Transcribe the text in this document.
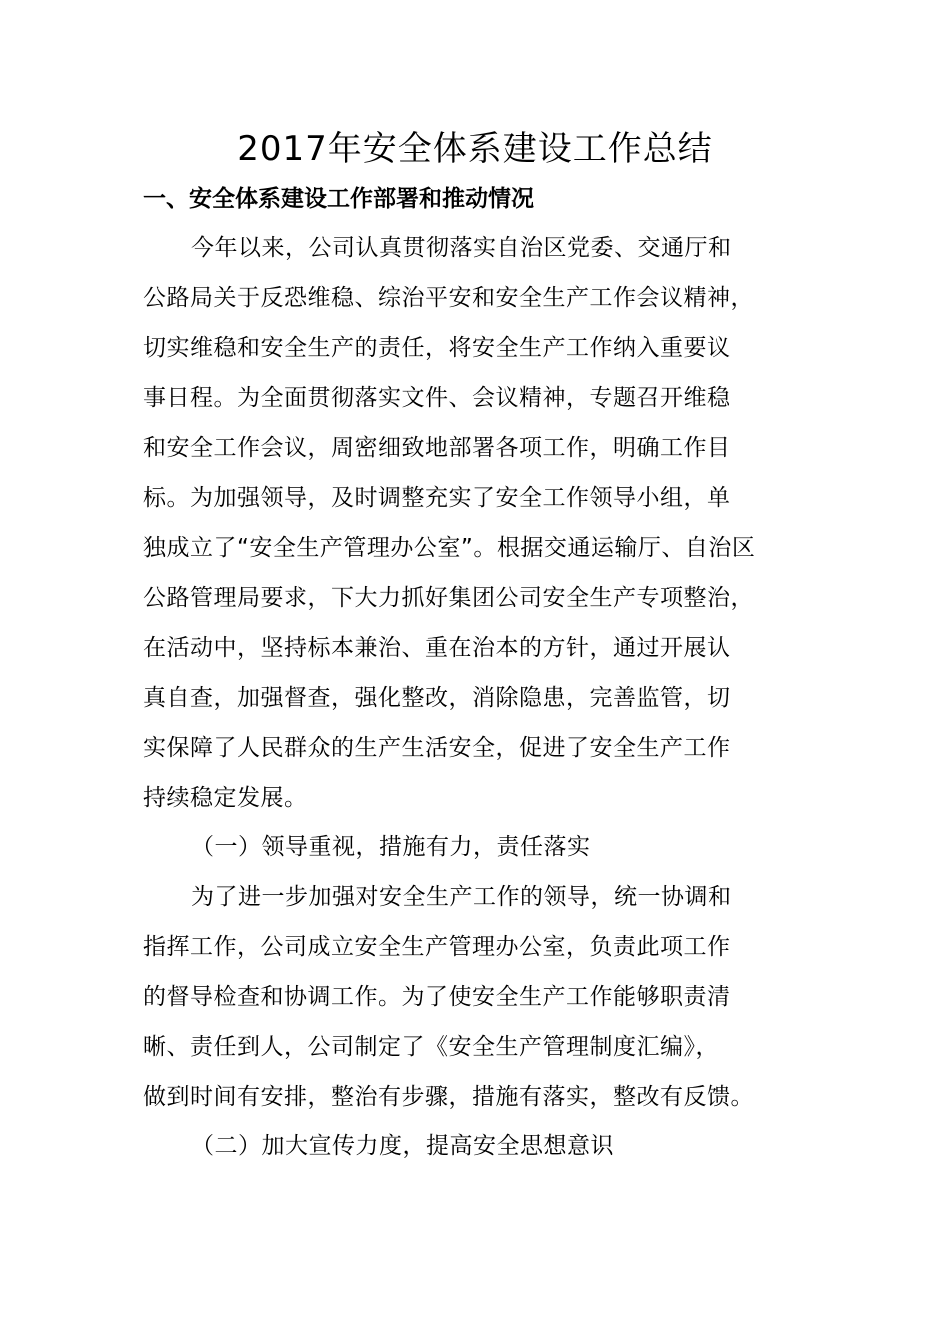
2017年安全体系建设工作总结
一、安全体系建设工作部署和推动情况
今年以来，公司认真贯彻落实自治区党委、交通厅和
公路局关于反恐维稳、综治平安和安全生产工作会议精神，
切实维稳和安全生产的责任，将安全生产工作纳入重要议
事日程。为全面贯彻落实文件、会议精神，专题召开维稳
和安全工作会议，周密细致地部署各项工作，明确工作目
标。为加强领导，及时调整充实了安全工作领导小组，单
独成立了“安全生产管理办公室”。根据交通运输厅、自治区
公路管理局要求，下大力抓好集团公司安全生产专项整治，
在活动中，坚持标本兼治、重在治本的方针，通过开展认
真自查，加强督查，强化整改，消除隐患，完善监管，切
实保障了人民群众的生产生活安全，促进了安全生产工作
持续稳定发展。
（一）领导重视，措施有力，责任落实
为了进一步加强对安全生产工作的领导，统一协调和
指挥工作，公司成立安全生产管理办公室，负责此项工作
的督导检查和协调工作。为了使安全生产工作能够职责清
晰、责任到人，公司制定了《安全生产管理制度汇编》，
做到时间有安排，整治有步骤，措施有落实，整改有反馈。
（二）加大宣传力度，提高安全思想意识
